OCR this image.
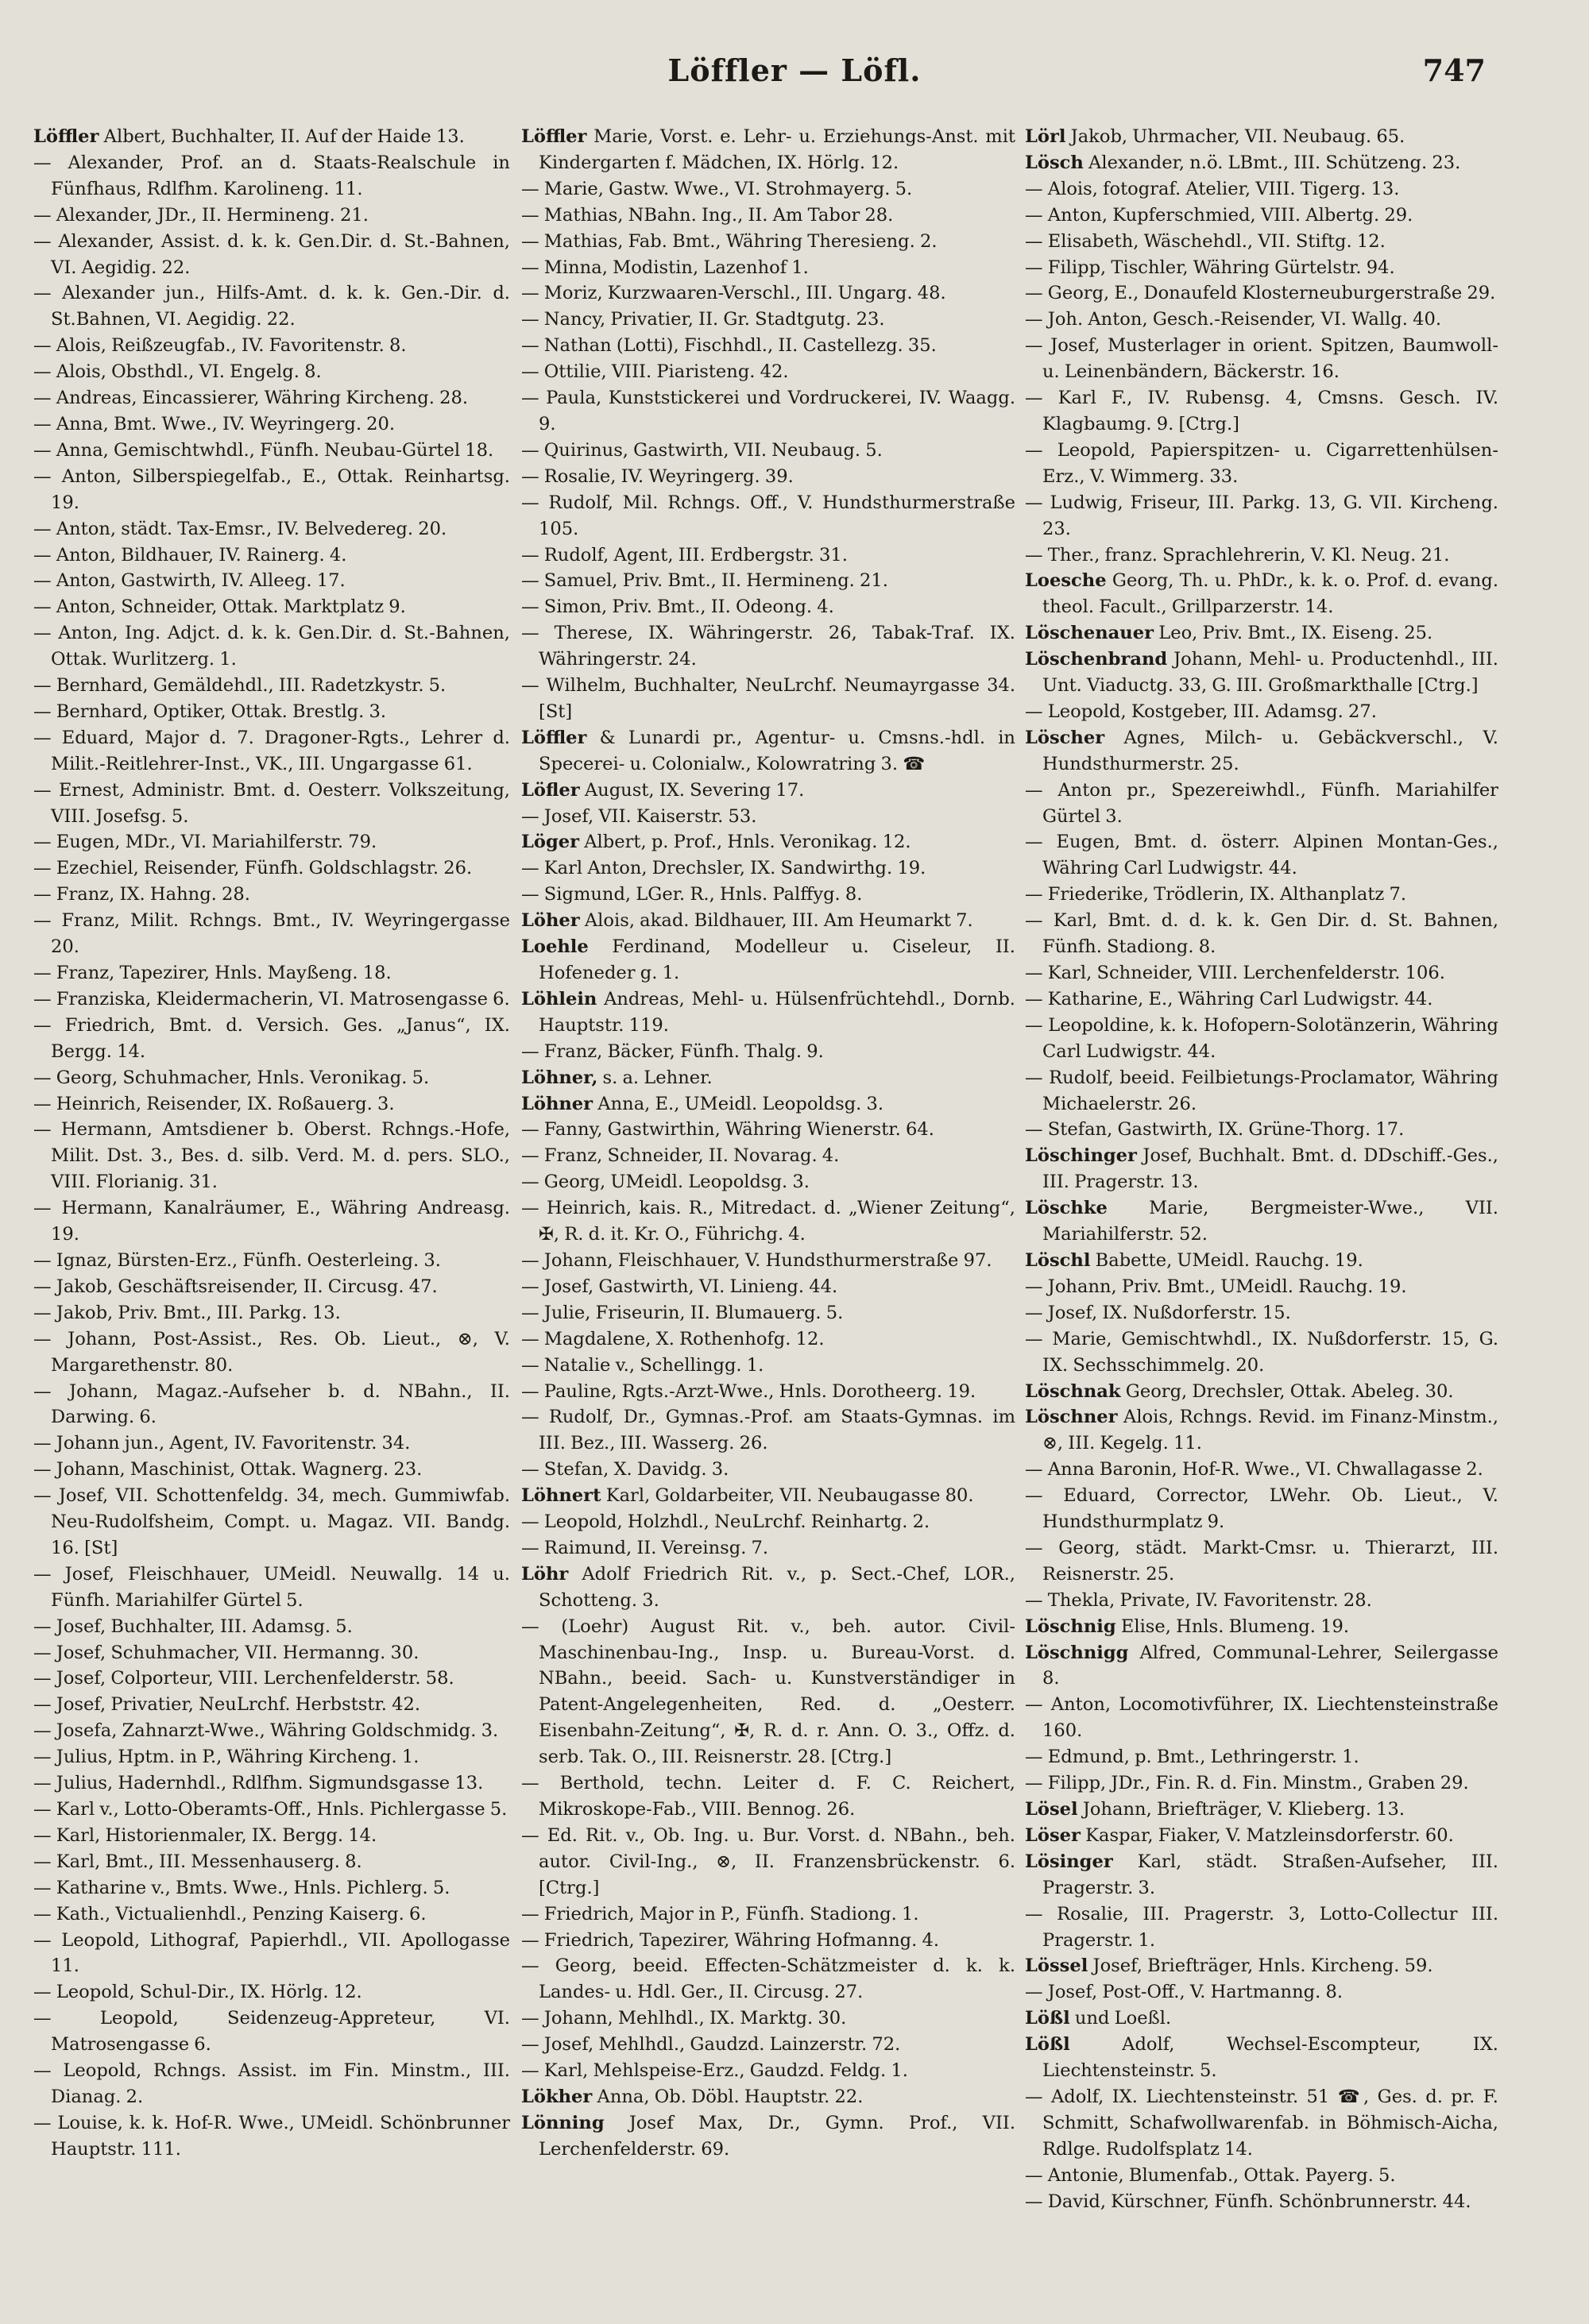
Löffler — Löfl.	747

Löffler Albert, Buchhalter, II. Auf der Haide 13.

— Alexander, Prof. an d. Staats-Realschule in Fünfhaus, Rdlfhm. Karolineng. 11.

— Alexander, JDr., II. Hermineng. 21.

— Alexander, Assist. d. k. k. Gen.Dir. d. St.-Bahnen, VI. Aegidig. 22.

— Alexander jun., Hilfs-Amt. d. k. k. Gen.-Dir. d. St.Bahnen, VI. Aegidig. 22.

— Alois, Reißzeugfab., IV. Favoritenstr. 8.

— Alois, Obsthdl., VI. Engelg. 8.

— Andreas, Eincassierer, Währing Kircheng. 28.

— Anna, Bmt. Wwe., IV. Weyringerg. 20.

— Anna, Gemischtwhdl., Fünfh. Neubau-Gürtel 18.

— Anton, Silberspiegelfab., E., Ottak. Reinhartsg. 19.

— Anton, städt. Tax-Emsr., IV. Belvedereg. 20.

— Anton, Bildhauer, IV. Rainerg. 4.

— Anton, Gastwirth, IV. Alleeg. 17.

— Anton, Schneider, Ottak. Marktplatz 9.

— Anton, Ing. Adjct. d. k. k. Gen.Dir. d. St.-Bahnen, Ottak. Wurlitzerg. 1.

— Bernhard, Gemäldehdl., III. Radetzkystr. 5.

— Bernhard, Optiker, Ottak. Brestlg. 3.

— Eduard, Major d. 7. Dragoner-Rgts., Lehrer d. Milit.-Reitlehrer-Inst., VK., III. Ungargasse 61.

— Ernest, Administr. Bmt. d. Oesterr. Volkszeitung, VIII. Josefsg. 5.

— Eugen, MDr., VI. Mariahilferstr. 79.

— Ezechiel, Reisender, Fünfh. Goldschlagstr. 26.

— Franz, IX. Hahng. 28.

— Franz, Milit. Rchngs. Bmt., IV. Weyringergasse 20.

— Franz, Tapezirer, Hnls. Mayßeng. 18.

— Franziska, Kleidermacherin, VI. Matrosengasse 6.

— Friedrich, Bmt. d. Versich. Ges. „Janus“, IX. Bergg. 14.

— Georg, Schuhmacher, Hnls. Veronikag. 5.

— Heinrich, Reisender, IX. Roßauerg. 3.

— Hermann, Amtsdiener b. Oberst. Rchngs.-Hofe, Milit. Dst. 3., Bes. d. silb. Verd. M. d. pers. SLO., VIII. Florianig. 31.

— Hermann, Kanalräumer, E., Währing Andreasg. 19.

— Ignaz, Bürsten-Erz., Fünfh. Oesterleing. 3.

— Jakob, Geschäftsreisender, II. Circusg. 47.

— Jakob, Priv. Bmt., III. Parkg. 13.

— Johann, Post-Assist., Res. Ob. Lieut., ⊗, V. Margarethenstr. 80.

— Johann, Magaz.-Aufseher b. d. NBahn., II. Darwing. 6.

— Johann jun., Agent, IV. Favoritenstr. 34.

— Johann, Maschinist, Ottak. Wagnerg. 23.

— Josef, VII. Schottenfeldg. 34, mech. Gummiwfab. Neu-Rudolfsheim, Compt. u. Magaz. VII. Bandg. 16. [St]

— Josef, Fleischhauer, UMeidl. Neuwallg. 14 u. Fünfh. Mariahilfer Gürtel 5.

— Josef, Buchhalter, III. Adamsg. 5.

— Josef, Schuhmacher, VII. Hermanng. 30.

— Josef, Colporteur, VIII. Lerchenfelderstr. 58.

— Josef, Privatier, NeuLrchf. Herbststr. 42.

— Josefa, Zahnarzt-Wwe., Währing Goldschmidg. 3.

— Julius, Hptm. in P., Währing Kircheng. 1.

— Julius, Hadernhdl., Rdlfhm. Sigmundsgasse 13.

— Karl v., Lotto-Oberamts-Off., Hnls. Pichlergasse 5.

— Karl, Historienmaler, IX. Bergg. 14.

— Karl, Bmt., III. Messenhauserg. 8.

— Katharine v., Bmts. Wwe., Hnls. Pichlerg. 5.

— Kath., Victualienhdl., Penzing Kaiserg. 6.

— Leopold, Lithograf, Papierhdl., VII. Apollogasse 11.

— Leopold, Schul-Dir., IX. Hörlg. 12.

— Leopold, Seidenzeug-Appreteur, VI. Matrosengasse 6.

— Leopold, Rchngs. Assist. im Fin. Minstm., III. Dianag. 2.

— Louise, k. k. Hof-R. Wwe., UMeidl. Schönbrunner Hauptstr. 111.

Löffler Marie, Vorst. e. Lehr- u. Erziehungs-Anst. mit Kindergarten f. Mädchen, IX. Hörlg. 12.

— Marie, Gastw. Wwe., VI. Strohmayerg. 5.

— Mathias, NBahn. Ing., II. Am Tabor 28.

— Mathias, Fab. Bmt., Währing Theresieng. 2.

— Minna, Modistin, Lazenhof 1.

— Moriz, Kurzwaaren-Verschl., III. Ungarg. 48.

— Nancy, Privatier, II. Gr. Stadtgutg. 23.

— Nathan (Lotti), Fischhdl., II. Castellezg. 35.

— Ottilie, VIII. Piaristeng. 42.

— Paula, Kunststickerei und Vordruckerei, IV. Waagg. 9.

— Quirinus, Gastwirth, VII. Neubaug. 5.

— Rosalie, IV. Weyringerg. 39.

— Rudolf, Mil. Rchngs. Off., V. Hundsthurmerstraße 105.

— Rudolf, Agent, III. Erdbergstr. 31.

— Samuel, Priv. Bmt., II. Hermineng. 21.

— Simon, Priv. Bmt., II. Odeong. 4.

— Therese, IX. Währingerstr. 26, Tabak-Traf. IX. Währingerstr. 24.

— Wilhelm, Buchhalter, NeuLrchf. Neumayrgasse 34. [St]

Löffler & Lunardi pr., Agentur- u. Cmsns.-hdl. in Specerei- u. Colonialw., Kolowratring 3. ☎

Löfler August, IX. Severing 17.

— Josef, VII. Kaiserstr. 53.

Löger Albert, p. Prof., Hnls. Veronikag. 12.

— Karl Anton, Drechsler, IX. Sandwirthg. 19.

— Sigmund, LGer. R., Hnls. Palffyg. 8.

Löher Alois, akad. Bildhauer, III. Am Heumarkt 7.

Loehle Ferdinand, Modelleur u. Ciseleur, II. Hofeneder g. 1.

Löhlein Andreas, Mehl- u. Hülsenfrüchtehdl., Dornb. Hauptstr. 119.

— Franz, Bäcker, Fünfh. Thalg. 9.

Löhner, s. a. Lehner.

Löhner Anna, E., UMeidl. Leopoldsg. 3.

— Fanny, Gastwirthin, Währing Wienerstr. 64.

— Franz, Schneider, II. Novarag. 4.

— Georg, UMeidl. Leopoldsg. 3.

— Heinrich, kais. R., Mitredact. d. „Wiener Zeitung“, ✠, R. d. it. Kr. O., Führichg. 4.

— Johann, Fleischhauer, V. Hundsthurmerstraße 97.

— Josef, Gastwirth, VI. Linieng. 44.

— Julie, Friseurin, II. Blumauerg. 5.

— Magdalene, X. Rothenhofg. 12.

— Natalie v., Schellingg. 1.

— Pauline, Rgts.-Arzt-Wwe., Hnls. Dorotheerg. 19.

— Rudolf, Dr., Gymnas.-Prof. am Staats-Gymnas. im III. Bez., III. Wasserg. 26.

— Stefan, X. Davidg. 3.

Löhnert Karl, Goldarbeiter, VII. Neubaugasse 80.

— Leopold, Holzhdl., NeuLrchf. Reinhartg. 2.

— Raimund, II. Vereinsg. 7.

Löhr Adolf Friedrich Rit. v., p. Sect.-Chef, LOR., Schotteng. 3.

— (Loehr) August Rit. v., beh. autor. Civil-Maschinenbau-Ing., Insp. u. Bureau-Vorst. d. NBahn., beeid. Sach- u. Kunstverständiger in Patent-Angelegenheiten, Red. d. „Oesterr. Eisenbahn-Zeitung“, ✠, R. d. r. Ann. O. 3., Offz. d. serb. Tak. O., III. Reisnerstr. 28. [Ctrg.]

— Berthold, techn. Leiter d. F. C. Reichert, Mikroskope-Fab., VIII. Bennog. 26.

— Ed. Rit. v., Ob. Ing. u. Bur. Vorst. d. NBahn., beh. autor. Civil-Ing., ⊗, II. Franzensbrückenstr. 6. [Ctrg.]

— Friedrich, Major in P., Fünfh. Stadiong. 1.

— Friedrich, Tapezirer, Währing Hofmanng. 4.

— Georg, beeid. Effecten-Schätzmeister d. k. k. Landes- u. Hdl. Ger., II. Circusg. 27.

— Johann, Mehlhdl., IX. Marktg. 30.

— Josef, Mehlhdl., Gaudzd. Lainzerstr. 72.

— Karl, Mehlspeise-Erz., Gaudzd. Feldg. 1.

Lökher Anna, Ob. Döbl. Hauptstr. 22.

Lönning Josef Max, Dr., Gymn. Prof., VII. Lerchenfelderstr. 69.

Lörl Jakob, Uhrmacher, VII. Neubaug. 65.

Lösch Alexander, n.ö. LBmt., III. Schützeng. 23.

— Alois, fotograf. Atelier, VIII. Tigerg. 13.

— Anton, Kupferschmied, VIII. Albertg. 29.

— Elisabeth, Wäschehdl., VII. Stiftg. 12.

— Filipp, Tischler, Währing Gürtelstr. 94.

— Georg, E., Donaufeld Klosterneuburgerstraße 29.

— Joh. Anton, Gesch.-Reisender, VI. Wallg. 40.

— Josef, Musterlager in orient. Spitzen, Baumwoll- u. Leinenbändern, Bäckerstr. 16.

— Karl F., IV. Rubensg. 4, Cmsns. Gesch. IV. Klagbaumg. 9. [Ctrg.]

— Leopold, Papierspitzen- u. Cigarrettenhülsen-Erz., V. Wimmerg. 33.

— Ludwig, Friseur, III. Parkg. 13, G. VII. Kircheng. 23.

— Ther., franz. Sprachlehrerin, V. Kl. Neug. 21.

Loesche Georg, Th. u. PhDr., k. k. o. Prof. d. evang. theol. Facult., Grillparzerstr. 14.

Löschenauer Leo, Priv. Bmt., IX. Eiseng. 25.

Löschenbrand Johann, Mehl- u. Productenhdl., III. Unt. Viaductg. 33, G. III. Großmarkthalle [Ctrg.]

— Leopold, Kostgeber, III. Adamsg. 27.

Löscher Agnes, Milch- u. Gebäckverschl., V. Hundsthurmerstr. 25.

— Anton pr., Spezereiwhdl., Fünfh. Mariahilfer Gürtel 3.

— Eugen, Bmt. d. österr. Alpinen Montan-Ges., Währing Carl Ludwigstr. 44.

— Friederike, Trödlerin, IX. Althanplatz 7.

— Karl, Bmt. d. d. k. k. Gen Dir. d. St. Bahnen, Fünfh. Stadiong. 8.

— Karl, Schneider, VIII. Lerchenfelderstr. 106.

— Katharine, E., Währing Carl Ludwigstr. 44.

— Leopoldine, k. k. Hofopern-Solotänzerin, Währing Carl Ludwigstr. 44.

— Rudolf, beeid. Feilbietungs-Proclamator, Währing Michaelerstr. 26.

— Stefan, Gastwirth, IX. Grüne-Thorg. 17.

Löschinger Josef, Buchhalt. Bmt. d. DDschiff.-Ges., III. Pragerstr. 13.

Löschke Marie, Bergmeister-Wwe., VII. Mariahilferstr. 52.

Löschl Babette, UMeidl. Rauchg. 19.

— Johann, Priv. Bmt., UMeidl. Rauchg. 19.

— Josef, IX. Nußdorferstr. 15.

— Marie, Gemischtwhdl., IX. Nußdorferstr. 15, G. IX. Sechsschimmelg. 20.

Löschnak Georg, Drechsler, Ottak. Abeleg. 30.

Löschner Alois, Rchngs. Revid. im Finanz-Minstm., ⊗, III. Kegelg. 11.

— Anna Baronin, Hof-R. Wwe., VI. Chwallagasse 2.

— Eduard, Corrector, LWehr. Ob. Lieut., V. Hundsthurmplatz 9.

— Georg, städt. Markt-Cmsr. u. Thierarzt, III. Reisnerstr. 25.

— Thekla, Private, IV. Favoritenstr. 28.

Löschnig Elise, Hnls. Blumeng. 19.

Löschnigg Alfred, Communal-Lehrer, Seilergasse 8.

— Anton, Locomotivführer, IX. Liechtensteinstraße 160.

— Edmund, p. Bmt., Lethringerstr. 1.

— Filipp, JDr., Fin. R. d. Fin. Minstm., Graben 29.

Lösel Johann, Briefträger, V. Klieberg. 13.

Löser Kaspar, Fiaker, V. Matzleinsdorferstr. 60.

Lösinger Karl, städt. Straßen-Aufseher, III. Pragerstr. 3.

— Rosalie, III. Pragerstr. 3, Lotto-Collectur III. Pragerstr. 1.

Lössel Josef, Briefträger, Hnls. Kircheng. 59.

— Josef, Post-Off., V. Hartmanng. 8.

Lößl und Loeßl.

Lößl Adolf, Wechsel-Escompteur, IX. Liechtensteinstr. 5.

— Adolf, IX. Liechtensteinstr. 51 ☎, Ges. d. pr. F. Schmitt, Schafwollwarenfab. in Böhmisch-Aicha, Rdlge. Rudolfsplatz 14.

— Antonie, Blumenfab., Ottak. Payerg. 5.

— David, Kürschner, Fünfh. Schönbrunnerstr. 44.
